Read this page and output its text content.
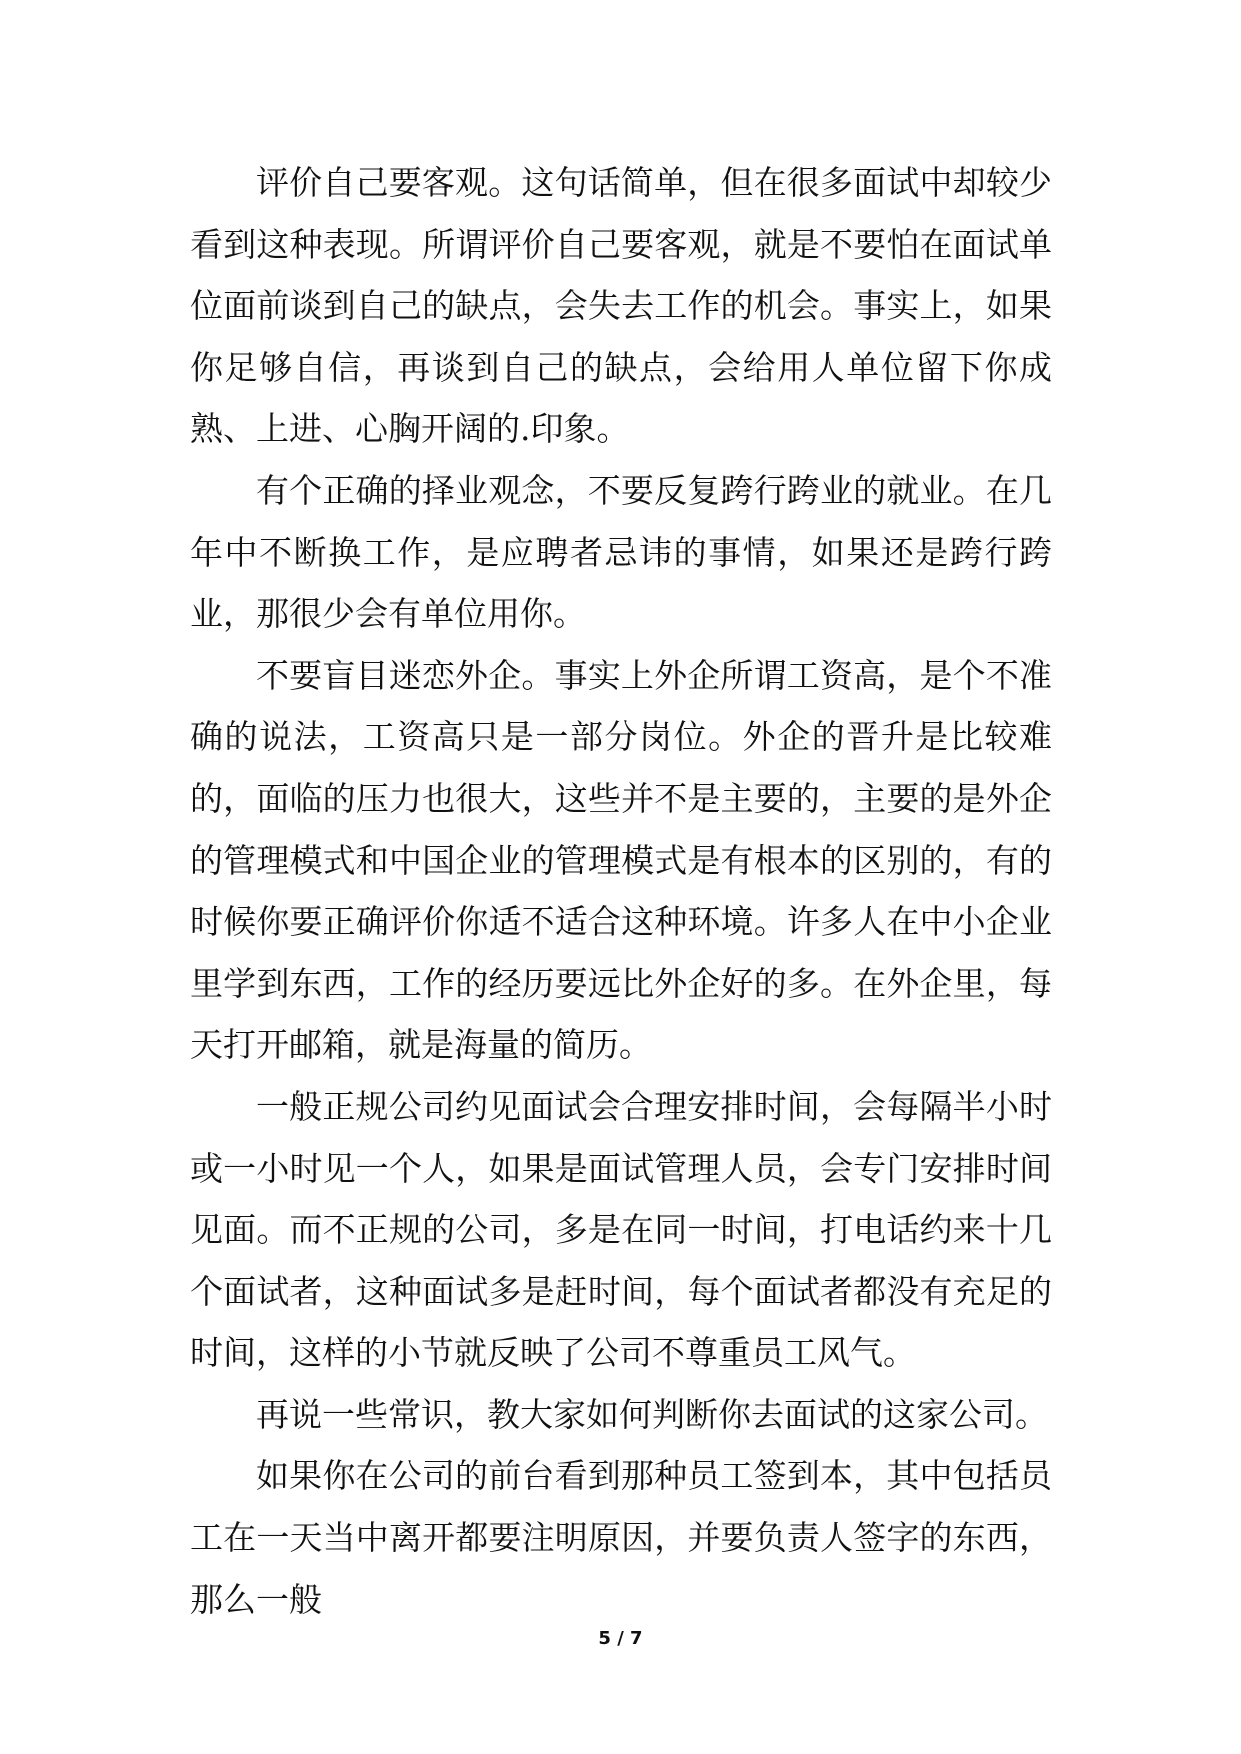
评价自己要客观。这句话简单，但在很多面试中却较少看到这种表现。所谓评价自己要客观，就是不要怕在面试单位面前谈到自己的缺点，会失去工作的机会。事实上，如果你足够自信，再谈到自己的缺点，会给用人单位留下你成熟、上进、心胸开阔的.印象。

有个正确的择业观念，不要反复跨行跨业的就业。在几年中不断换工作，是应聘者忌讳的事情，如果还是跨行跨业，那很少会有单位用你。

不要盲目迷恋外企。事实上外企所谓工资高，是个不准确的说法，工资高只是一部分岗位。外企的晋升是比较难的，面临的压力也很大，这些并不是主要的，主要的是外企的管理模式和中国企业的管理模式是有根本的区别的，有的时候你要正确评价你适不适合这种环境。许多人在中小企业里学到东西，工作的经历要远比外企好的多。在外企里，每天打开邮箱，就是海量的简历。

一般正规公司约见面试会合理安排时间，会每隔半小时或一小时见一个人，如果是面试管理人员，会专门安排时间见面。而不正规的公司，多是在同一时间，打电话约来十几个面试者，这种面试多是赶时间，每个面试者都没有充足的时间，这样的小节就反映了公司不尊重员工风气。

再说一些常识，教大家如何判断你去面试的这家公司。

如果你在公司的前台看到那种员工签到本，其中包括员工在一天当中离开都要注明原因，并要负责人签字的东西，那么一般

5 / 7
